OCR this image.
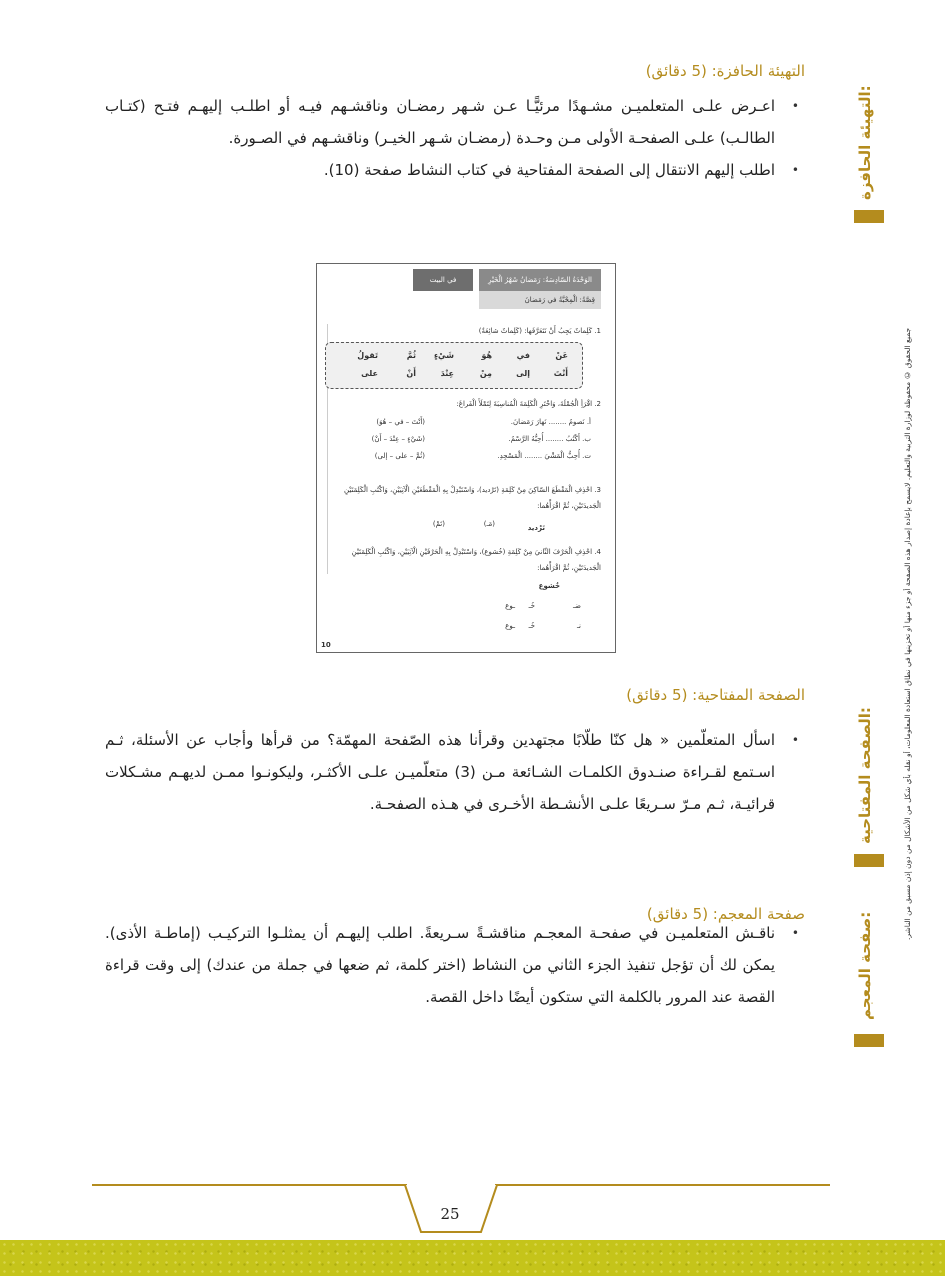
التهيئة الحافزة: (5 دقائق)
• اعـرض علـى المتعلميـن مشـهدًا مرئيًّـا عـن شـهر رمضـان وناقشـهم فيـه أو اطلـب إليهـم فتـح (كتـاب الطالـب) علـى الصفحـة الأولى مـن وحـدة (رمضـان شـهر الخيـر) وناقشـهم في الصـورة.
• اطلب إليهم الانتقال إلى الصفحة المفتاحية في كتاب النشاط صفحة (10).
الوَحْدَةُ السّادِسَةُ: رَمَضانُ شَهْرُ الْخَيْرِ
في البيت
قِصَّةُ: الْمِحْبَّةُ في رَمَضانَ
1. كَلِماتٌ يَجِبُ أَنْ نَتَعَرَّفَها: (كَلِماتٌ شائِعَةٌ)
عَنْ
في
هُوَ
شَيْءٍ
ثُمَّ
تَقولُ
أَنْتَ
إلى
مِنْ
عِنْدَ
أَنْ
على
2. اقْرَأِ الْجُمْلَةَ، وَاخْتَرِ الْكَلِمَةَ الْمُناسِبَةَ لِتَمْلَأَ الْفَراغَ:
أ. نَصومُ ........ نَهارَ رَمَضانَ.
ب. أَكْتُبُ ........ أُحِبُّهُ الرَّسْمُ.
ت. أُحِبُّ الْمَشْيَ ........ الْمَسْجِدِ.
(أَنْتَ – في – هُوَ)
(شَيْءٍ – عِنْدَ – أَنْ)
(ثُمَّ – على – إلى)
3. احْذِفِ الْمَقْطَعَ السّاكِنَ مِنْ كَلِمَةِ (تَرْديد)، وَاسْتَبْدِلْ بِهِ الْمَقْطَعَيْنِ الْآتِيَيْنِ، وَاكْتُبِ الْكَلِمَتَيْنِ الْجَديدَتَيْنِ، ثُمَّ اقْرَأْهُما:
تَرْديد
(مَـ)
(تَمْ)
4. احْذِفِ الْحَرْفَ الثّانيَ مِنْ كَلِمَةِ (خُشوع)، وَاسْتَبْدِلْ بِهِ الْحَرْفَيْنِ الْآتِيَيْنِ، وَاكْتُبِ الْكَلِمَتَيْنِ الْجَديدَتَيْنِ، ثُمَّ اقْرَأْهُما:
خُشوع
ضـ
خُـ
ـوع
نـ
خُـ
ـوع
10
الصفحة المفتاحية: (5 دقائق)
• اسأل المتعلّمين « هل كنّا طلّابًا مجتهدين وقرأنا هذه الصّفحة المهمّة؟ من قرأها وأجاب عن الأسئلة، ثـم اسـتمع لقـراءة صنـدوق الكلمـات الشـائعة مـن (3) متعلّميـن علـى الأكثـر، وليكونـوا ممـن لديهـم مشـكلات قرائيـة، ثـم مـرّ سـريعًا علـى الأنشـطة الأخـرى في هـذه الصفحـة.
صفحة المعجم: (5 دقائق)
• ناقـش المتعلميـن في صفحـة المعجـم مناقشـةً سـريعةً. اطلب إليهـم أن يمثلـوا التركيـب (إماطـة الأذى). يمكن لك أن تؤجل تنفيذ الجزء الثاني من النشاط (اختر كلمة، ثم ضعها في جملة من عندك) إلى وقت قراءة القصة عند المرور بالكلمة التي ستكون أيضًا داخل القصة.
التهيئة الحافزة:
الصفحة المفتاحية:
صفحة المعجم:	جميع الحقوق © محفوظة لوزارة التربية والتعليم. لايسمح بإعادة إصدار هذه الصفحة أو جزء منها أو تخزينها في نطاق استعادة المعلومات، أو نقله بأي شكل من الأشكال من دون إذن مسبق من الناشر.
25
